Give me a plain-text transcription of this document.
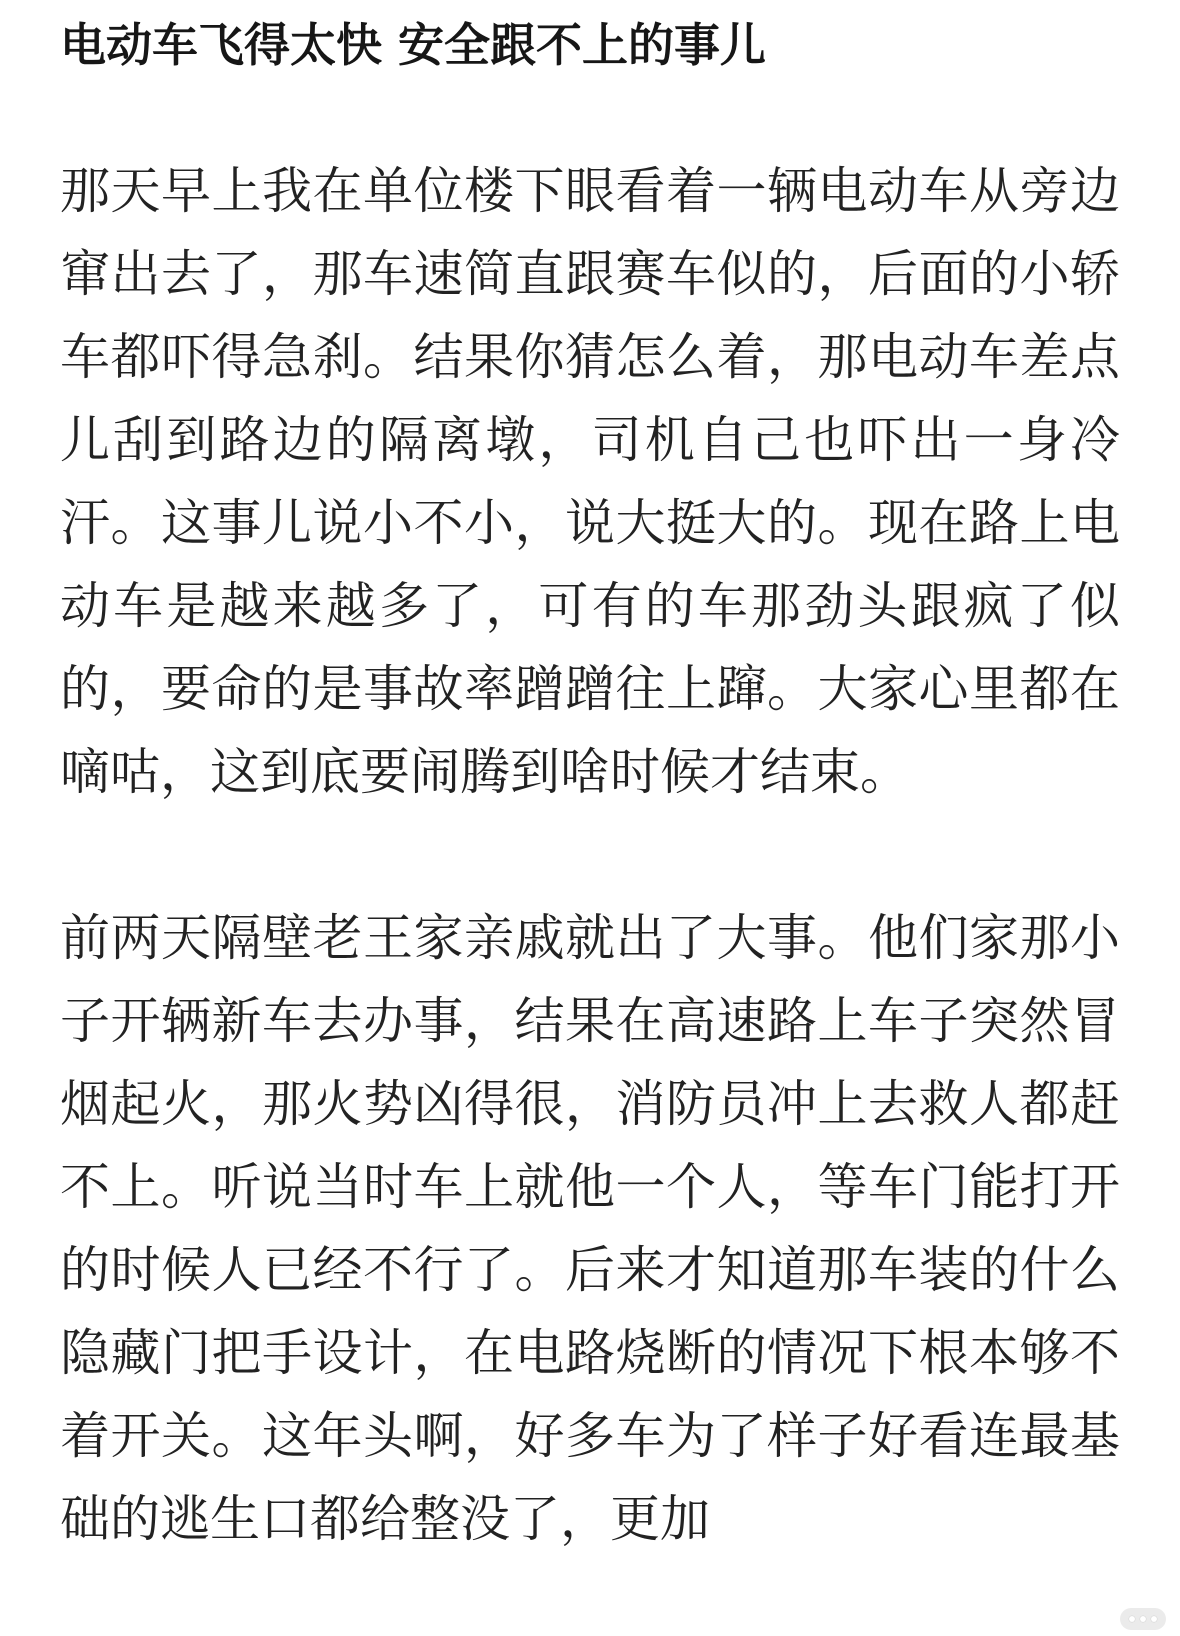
电动车飞得太快 安全跟不上的事儿

那天早上我在单位楼下眼看着一辆电动车从旁边窜出去了，那车速简直跟赛车似的，后面的小轿车都吓得急刹。结果你猜怎么着，那电动车差点儿刮到路边的隔离墩，司机自己也吓出一身冷汗。这事儿说小不小，说大挺大的。现在路上电动车是越来越多了，可有的车那劲头跟疯了似的，要命的是事故率蹭蹭往上蹿。大家心里都在嘀咕，这到底要闹腾到啥时候才结束。

前两天隔壁老王家亲戚就出了大事。他们家那小子开辆新车去办事，结果在高速路上车子突然冒烟起火，那火势凶得很，消防员冲上去救人都赶不上。听说当时车上就他一个人，等车门能打开的时候人已经不行了。后来才知道那车装的什么隐藏门把手设计，在电路烧断的情况下根本够不着开关。这年头啊，好多车为了样子好看连最基础的逃生口都给整没了，更加
